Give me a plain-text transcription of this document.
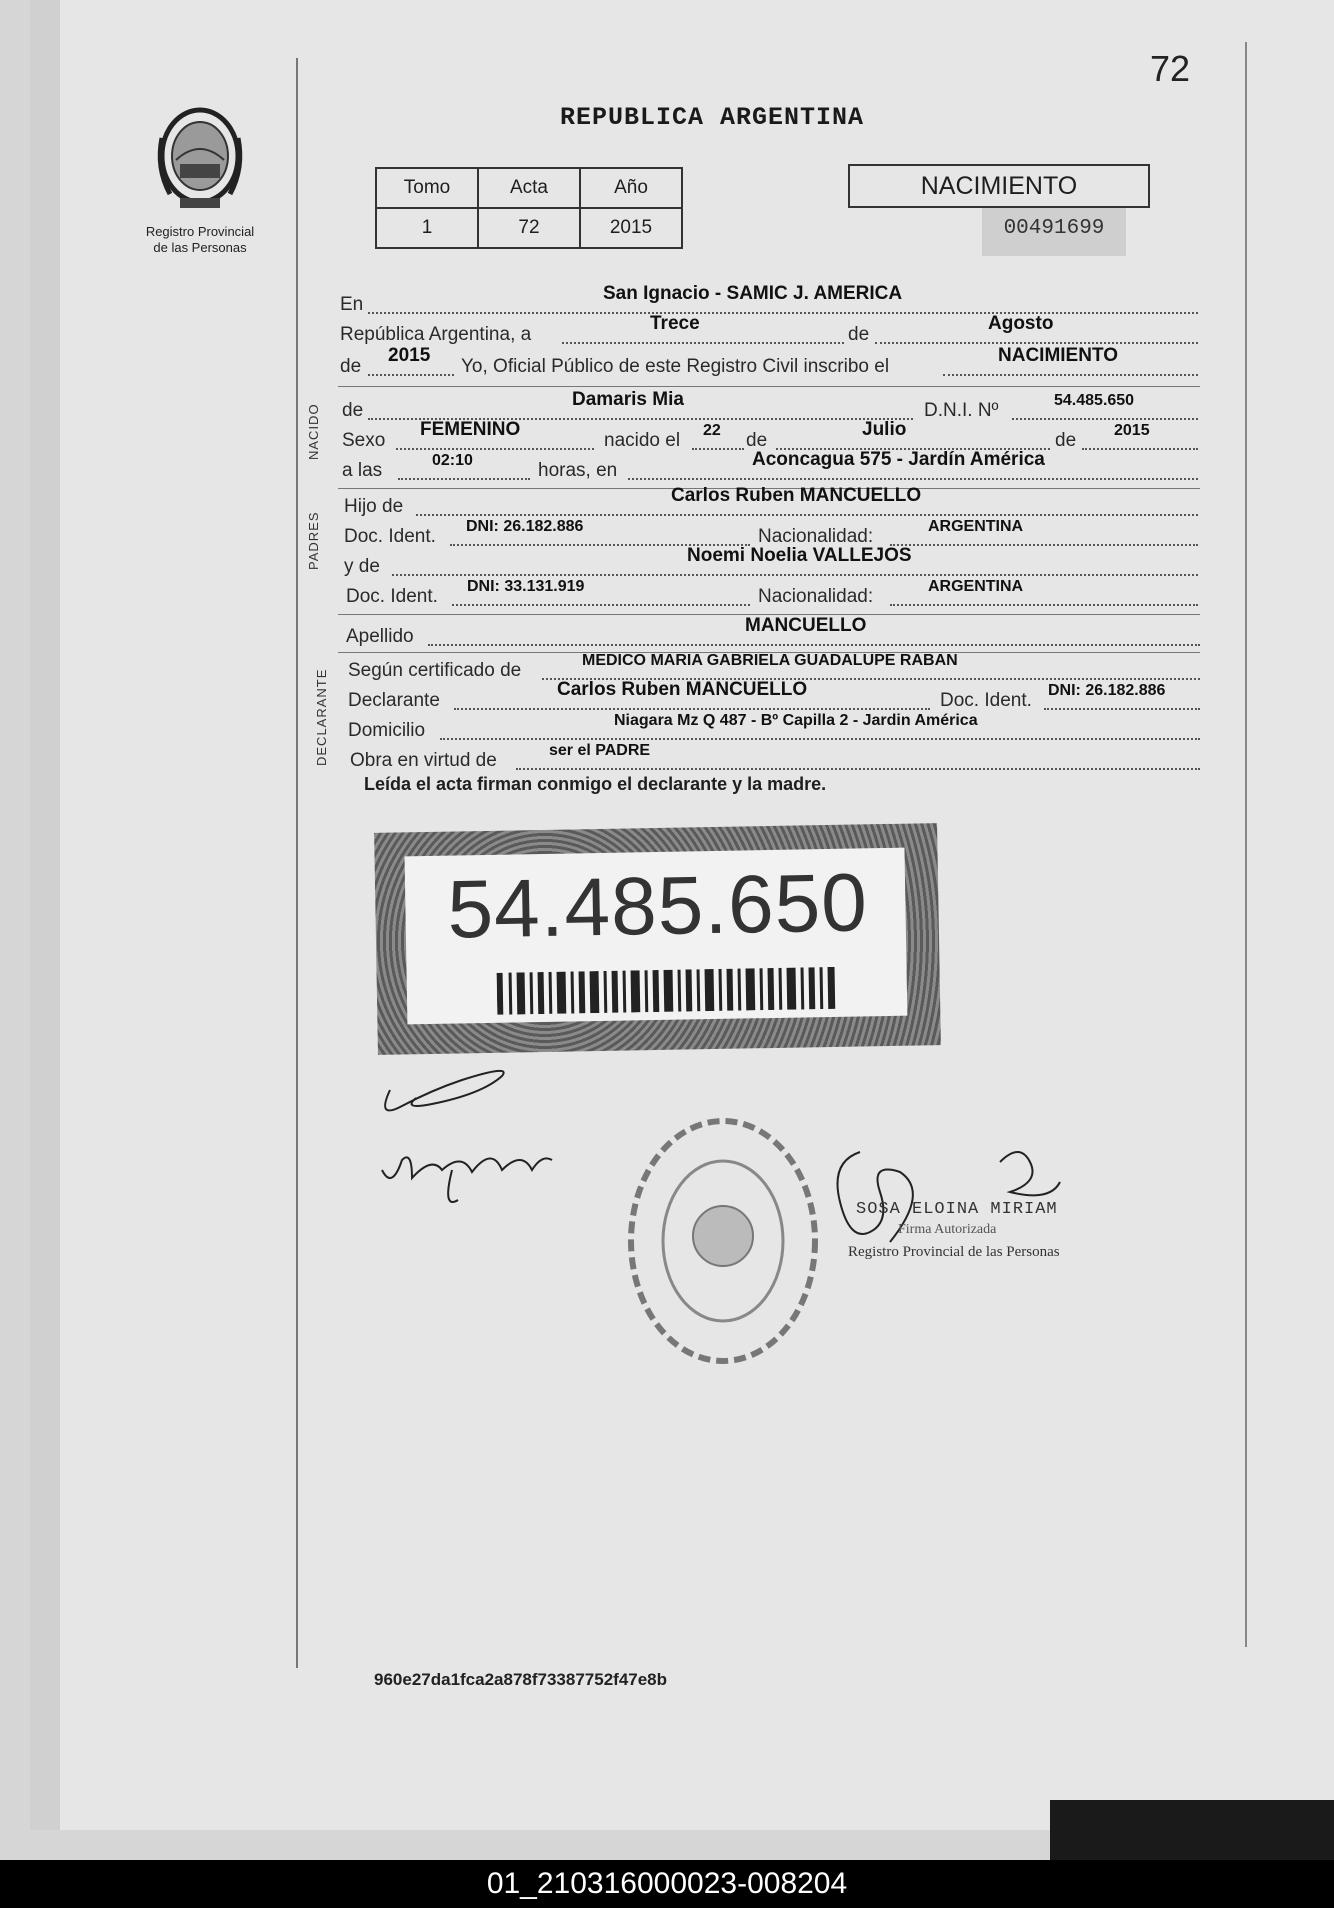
72
Registro Provincial
de las Personas
REPUBLICA ARGENTINA
Tomo	Acta	Año
1	72	2015
NACIMIENTO
00491699
En
San Ignacio - SAMIC J. AMERICA
República Argentina, a
Trece
de
Agosto
de
2015
Yo, Oficial Público de este Registro Civil inscribo el
NACIMIENTO
NACIDO de
Damaris Mia
D.N.I. Nº	54.485.650
Sexo
FEMENINO
nacido el 22 de
Julio
de 2015
a las	02:10	horas, en
Aconcagua 575 - Jardín América
PADRES
Hijo de
Carlos Ruben MANCUELLO
Doc. Ident. DNI: 26.182.886	Nacionalidad:	ARGENTINA
y de
Noemi Noelia VALLEJOS
Doc. Ident. DNI: 33.131.919	Nacionalidad:	ARGENTINA
Apellido
MANCUELLO
DECLARANTE Según certificado de	MEDICO MARIA GABRIELA GUADALUPE RABAN
Declarante
Carlos Ruben MANCUELLO
Doc. Ident. DNI: 26.182.886
Domicilio	Niagara Mz Q 487 - Bº Capilla 2 - Jardin América
Obra en virtud de	ser el PADRE
Leída el acta firman conmigo el declarante y la madre.
54.485.650
SOSA ELOINA MIRIAM
Firma Autorizada
Registro Provincial de las Personas
960e27da1fca2a878f73387752f47e8b
01_210316000023-008204
